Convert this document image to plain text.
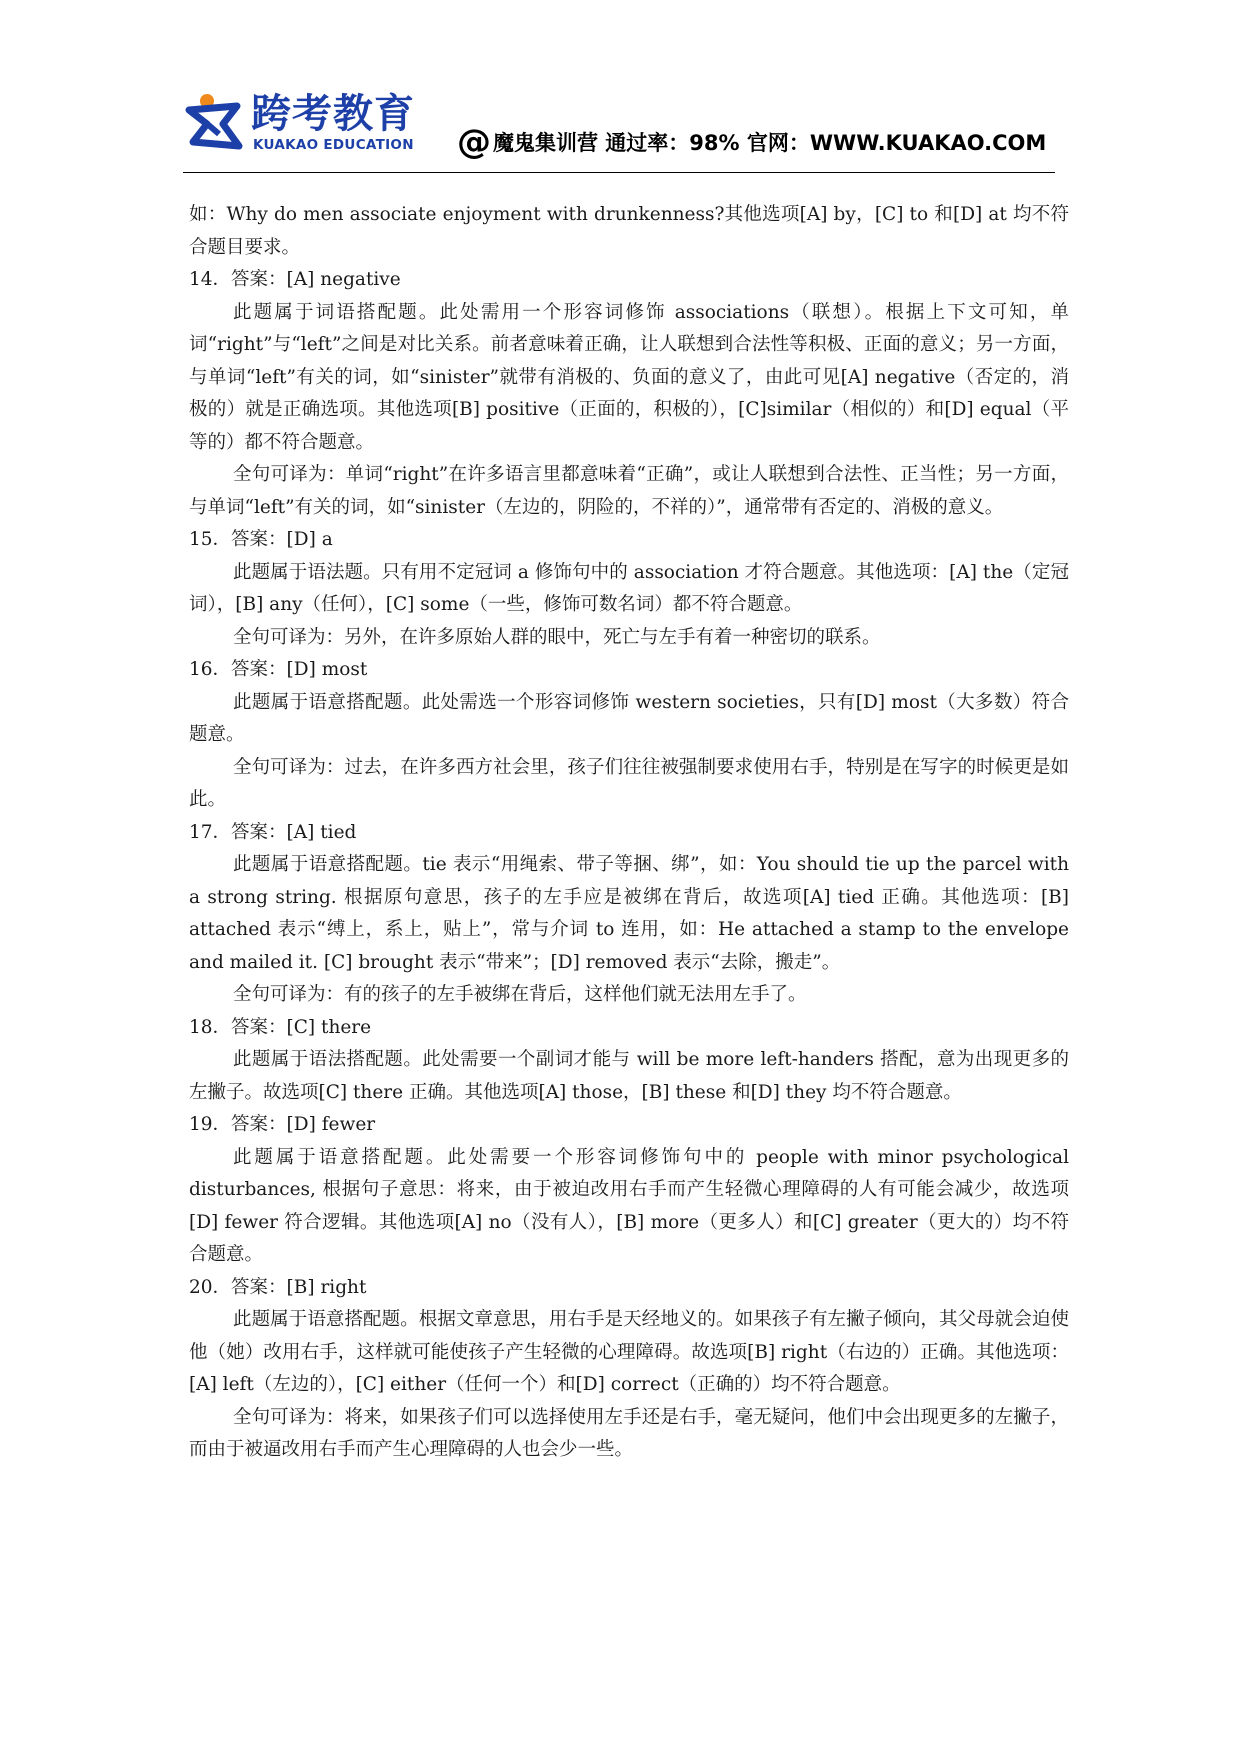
跨考教育
KUAKAO EDUCATION @魔鬼集训营 通过率：98% 官网：WWW.KUAKAO.COM

如：Why do men associate enjoyment with drunkenness?其他选项[A] by，[C] to 和[D] at 均不符合题目要求。

14．答案：[A] negative

此题属于词语搭配题。此处需用一个形容词修饰 associations（联想）。根据上下文可知，单词“right”与“left”之间是对比关系。前者意味着正确，让人联想到合法性等积极、正面的意义；另一方面，与单词“left”有关的词，如“sinister”就带有消极的、负面的意义了，由此可见[A] negative（否定的，消极的）就是正确选项。其他选项[B] positive（正面的，积极的），[C]similar（相似的）和[D] equal（平等的）都不符合题意。

全句可译为：单词“right”在许多语言里都意味着“正确”，或让人联想到合法性、正当性；另一方面，与单词“left”有关的词，如“sinister（左边的，阴险的，不祥的）”，通常带有否定的、消极的意义。

15．答案：[D] a

此题属于语法题。只有用不定冠词 a 修饰句中的 association 才符合题意。其他选项：[A] the（定冠词），[B] any（任何），[C] some（一些，修饰可数名词）都不符合题意。

全句可译为：另外，在许多原始人群的眼中，死亡与左手有着一种密切的联系。

16．答案：[D] most

此题属于语意搭配题。此处需选一个形容词修饰 western societies，只有[D] most（大多数）符合题意。

全句可译为：过去，在许多西方社会里，孩子们往往被强制要求使用右手，特别是在写字的时候更是如此。

17．答案：[A] tied

此题属于语意搭配题。tie 表示“用绳索、带子等捆、绑”，如：You should tie up the parcel with a strong string. 根据原句意思，孩子的左手应是被绑在背后，故选项[A] tied 正确。其他选项：[B] attached 表示“缚上，系上，贴上”，常与介词 to 连用，如：He attached a stamp to the envelope and mailed it. [C] brought 表示“带来”；[D] removed 表示“去除，搬走”。

全句可译为：有的孩子的左手被绑在背后，这样他们就无法用左手了。

18．答案：[C] there

此题属于语法搭配题。此处需要一个副词才能与 will be more left-handers 搭配，意为出现更多的左撇子。故选项[C] there 正确。其他选项[A] those，[B] these 和[D] they 均不符合题意。

19．答案：[D] fewer

此题属于语意搭配题。此处需要一个形容词修饰句中的 people with minor psychological disturbances, 根据句子意思：将来，由于被迫改用右手而产生轻微心理障碍的人有可能会减少，故选项[D] fewer 符合逻辑。其他选项[A] no（没有人），[B] more（更多人）和[C] greater（更大的）均不符合题意。

20．答案：[B] right

此题属于语意搭配题。根据文章意思，用右手是天经地义的。如果孩子有左撇子倾向，其父母就会迫使他（她）改用右手，这样就可能使孩子产生轻微的心理障碍。故选项[B] right（右边的）正确。其他选项：[A] left（左边的），[C] either（任何一个）和[D] correct（正确的）均不符合题意。

全句可译为：将来，如果孩子们可以选择使用左手还是右手，毫无疑问，他们中会出现更多的左撇子，而由于被逼改用右手而产生心理障碍的人也会少一些。
